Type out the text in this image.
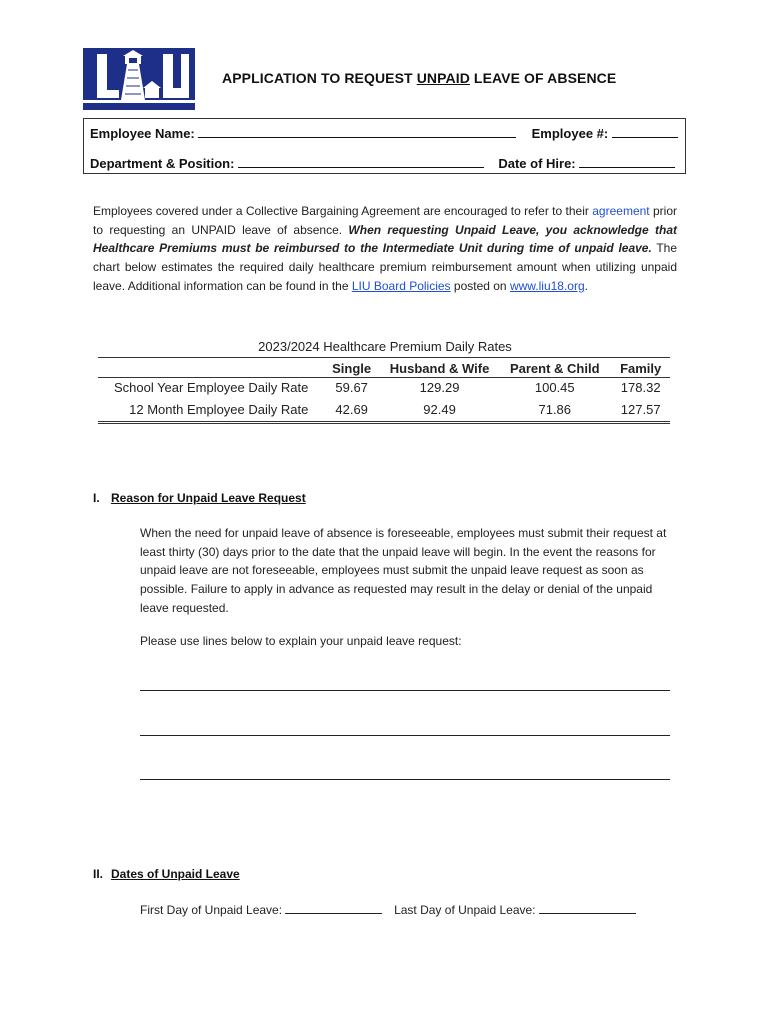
APPLICATION TO REQUEST UNPAID LEAVE OF ABSENCE
Employee Name:	Employee #:
Department & Position:	Date of Hire:

Employees covered under a Collective Bargaining Agreement are encouraged to refer to their agreement prior to requesting an UNPAID leave of absence. When requesting Unpaid Leave, you acknowledge that Healthcare Premiums must be reimbursed to the Intermediate Unit during time of unpaid leave. The chart below estimates the required daily healthcare premium reimbursement amount when utilizing unpaid leave. Additional information can be found in the LIU Board Policies posted on www.liu18.org.

2023/2024 Healthcare Premium Daily Rates
	Single	Husband & Wife	Parent & Child	Family
School Year Employee Daily Rate	59.67	129.29	100.45	178.32
12 Month Employee Daily Rate	42.69	92.49	71.86	127.57
I. Reason for Unpaid Leave Request

When the need for unpaid leave of absence is foreseeable, employees must submit their request at least thirty (30) days prior to the date that the unpaid leave will begin. In the event the reasons for unpaid leave are not foreseeable, employees must submit the unpaid leave request as soon as possible. Failure to apply in advance as requested may result in the delay or denial of the unpaid leave requested.

Please use lines below to explain your unpaid leave request:

II. Dates of Unpaid Leave
First Day of Unpaid Leave:	Last Day of Unpaid Leave:
